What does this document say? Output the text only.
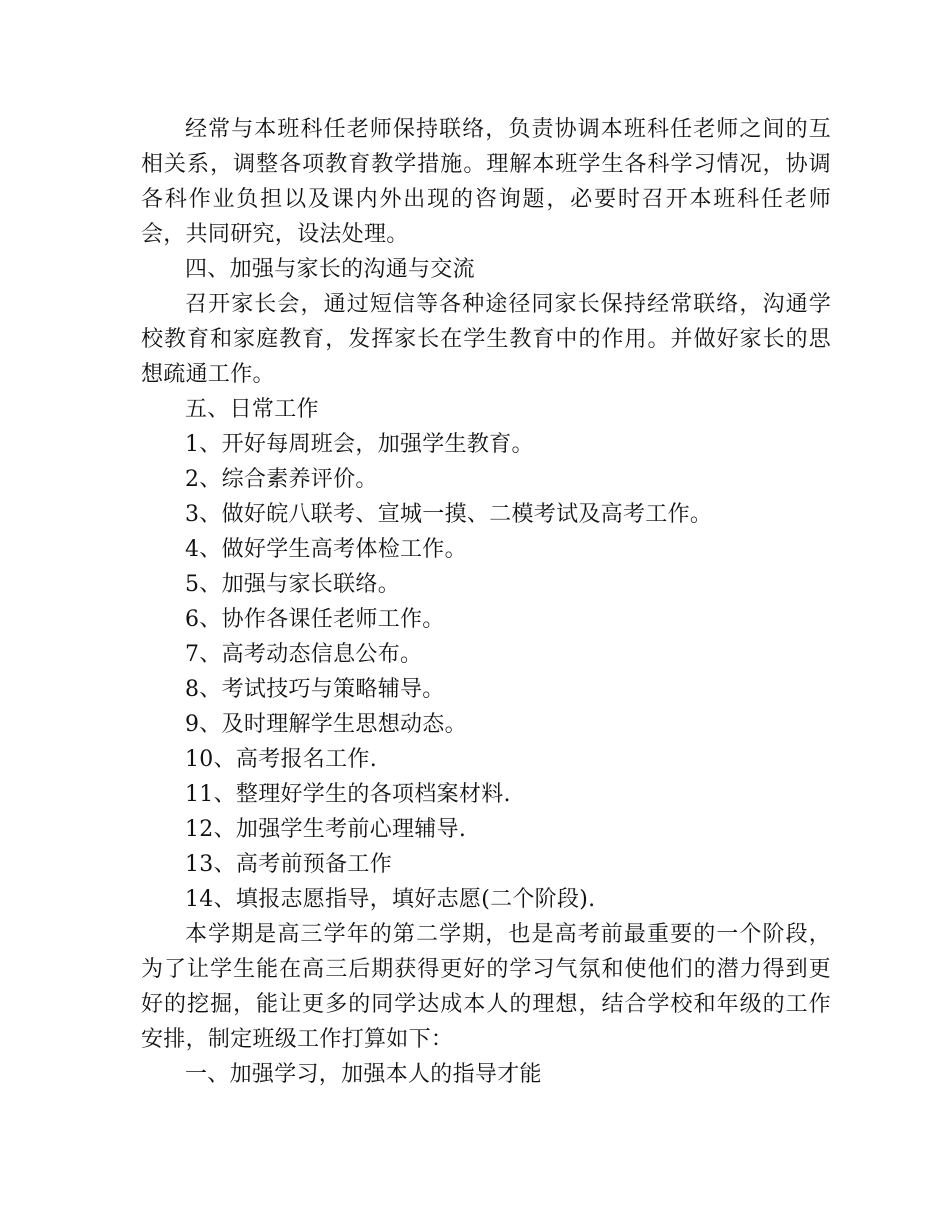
经常与本班科任老师保持联络，负责协调本班科任老师之间的互相关系，调整各项教育教学措施。理解本班学生各科学习情况，协调各科作业负担以及课内外出现的咨询题，必要时召开本班科任老师会，共同研究，设法处理。

四、加强与家长的沟通与交流

召开家长会，通过短信等各种途径同家长保持经常联络，沟通学校教育和家庭教育，发挥家长在学生教育中的作用。并做好家长的思想疏通工作。

五、日常工作

1、开好每周班会，加强学生教育。

2、综合素养评价。

3、做好皖八联考、宣城一摸、二模考试及高考工作。

4、做好学生高考体检工作。

5、加强与家长联络。

6、协作各课任老师工作。

7、高考动态信息公布。

8、考试技巧与策略辅导。

9、及时理解学生思想动态。

10、高考报名工作.

11、整理好学生的各项档案材料.

12、加强学生考前心理辅导.

13、高考前预备工作

14、填报志愿指导，填好志愿(二个阶段).

本学期是高三学年的第二学期，也是高考前最重要的一个阶段，为了让学生能在高三后期获得更好的学习气氛和使他们的潜力得到更好的挖掘，能让更多的同学达成本人的理想，结合学校和年级的工作安排，制定班级工作打算如下：

一、加强学习，加强本人的指导才能
